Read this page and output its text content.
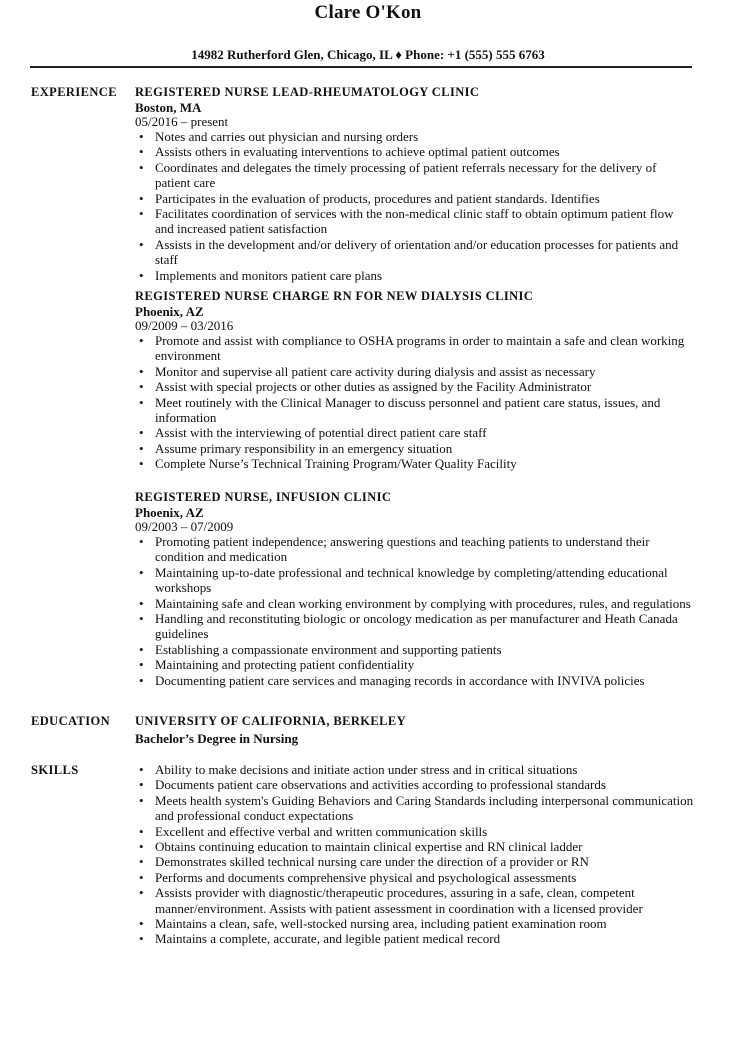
Clare O'Kon
14982 Rutherford Glen, Chicago, IL ♦ Phone: +1 (555) 555 6763
EXPERIENCE REGISTERED NURSE LEAD-RHEUMATOLOGY CLINIC
Boston, MA
05/2016 – present
• Notes and carries out physician and nursing orders
• Assists others in evaluating interventions to achieve optimal patient outcomes
• Coordinates and delegates the timely processing of patient referrals necessary for the delivery of patient care
• Participates in the evaluation of products, procedures and patient standards. Identifies
• Facilitates coordination of services with the non-medical clinic staff to obtain optimum patient flow and increased patient satisfaction
• Assists in the development and/or delivery of orientation and/or education processes for patients and staff
• Implements and monitors patient care plans
REGISTERED NURSE CHARGE RN FOR NEW DIALYSIS CLINIC
Phoenix, AZ
09/2009 – 03/2016
• Promote and assist with compliance to OSHA programs in order to maintain a safe and clean working environment
• Monitor and supervise all patient care activity during dialysis and assist as necessary
• Assist with special projects or other duties as assigned by the Facility Administrator
• Meet routinely with the Clinical Manager to discuss personnel and patient care status, issues, and information
• Assist with the interviewing of potential direct patient care staff
• Assume primary responsibility in an emergency situation
• Complete Nurse’s Technical Training Program/Water Quality Facility
REGISTERED NURSE, INFUSION CLINIC
Phoenix, AZ
09/2003 – 07/2009
• Promoting patient independence; answering questions and teaching patients to understand their condition and medication
• Maintaining up-to-date professional and technical knowledge by completing/attending educational workshops
• Maintaining safe and clean working environment by complying with procedures, rules, and regulations
• Handling and reconstituting biologic or oncology medication as per manufacturer and Heath Canada guidelines
• Establishing a compassionate environment and supporting patients
• Maintaining and protecting patient confidentiality
• Documenting patient care services and managing records in accordance with INVIVA policies
EDUCATION UNIVERSITY OF CALIFORNIA, BERKELEY
Bachelor’s Degree in Nursing
SKILLS	• Ability to make decisions and initiate action under stress and in critical situations
• Documents patient care observations and activities according to professional standards
• Meets health system's Guiding Behaviors and Caring Standards including interpersonal communication and professional conduct expectations
• Excellent and effective verbal and written communication skills
• Obtains continuing education to maintain clinical expertise and RN clinical ladder
• Demonstrates skilled technical nursing care under the direction of a provider or RN
• Performs and documents comprehensive physical and psychological assessments
• Assists provider with diagnostic/therapeutic procedures, assuring in a safe, clean, competent manner/environment. Assists with patient assessment in coordination with a licensed provider
• Maintains a clean, safe, well-stocked nursing area, including patient examination room
• Maintains a complete, accurate, and legible patient medical record
